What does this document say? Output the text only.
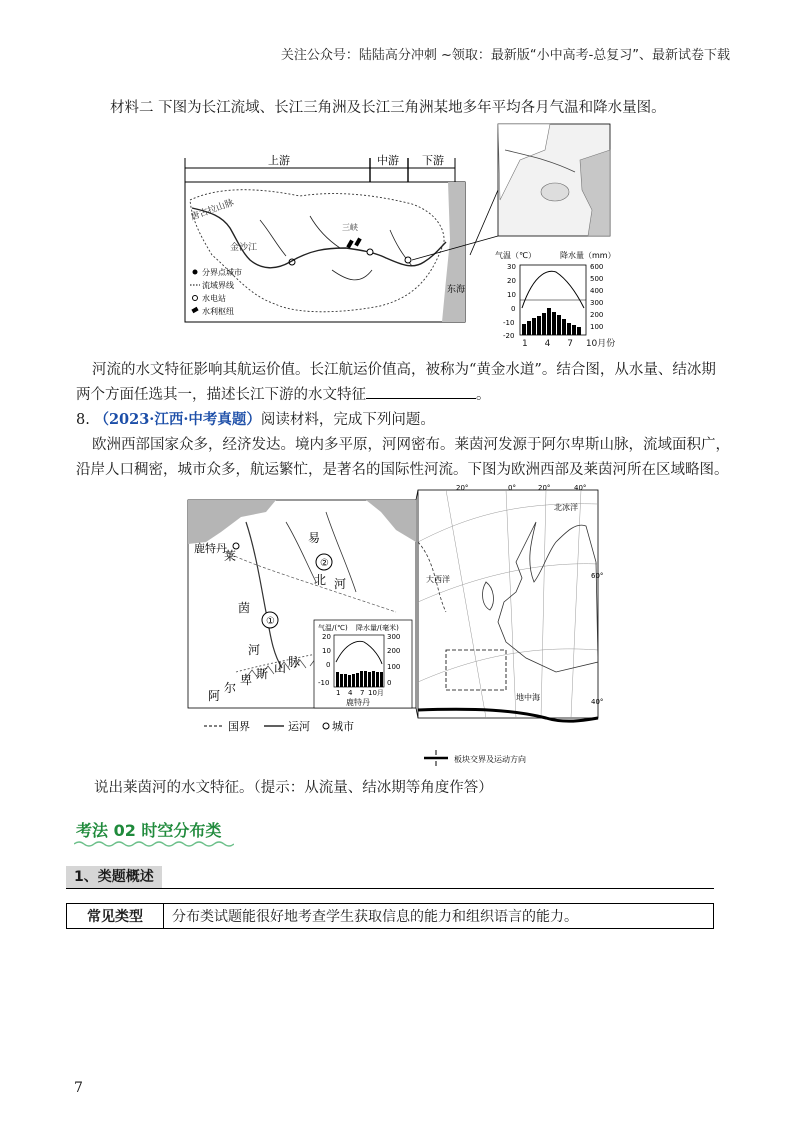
关注公众号：陆陆高分冲刺 ~领取：最新版“小中高考-总复习”、最新试卷下载
材料二 下图为长江流域、长江三角洲及长江三角洲某地多年平均各月气温和降水量图。
上游	中游 下游
东海
唐古拉山脉
金沙江
三峡
分界点城市
流域界线
水电站
水利枢纽
气温（℃）	降水量（mm）
30
20
10
0
-10
-20
600
500
400
300
200
100
1 4 7 10月份
河流的水文特征影响其航运价值。长江航运价值高，被称为“黄金水道”。结合图，从水量、结冰期
两个方面任选其一，描述长江下游的水文特征	。
8. （2023·江西·中考真题）阅读材料，完成下列问题。
欧洲西部国家众多，经济发达。境内多平原，河网密布。莱茵河发源于阿尔卑斯山脉，流域面积广，
沿岸人口稠密，城市众多，航运繁忙，是著名的国际性河流。下图为欧洲西部及莱茵河所在区域略图。
①
②
鹿特丹
莱
易
北 河
茵
河
阿
尔
卑 斯 山 脉
气温/(℃) 降水量/(毫米)
20
10
0
-10
300
200
100
0
1 4 7 10月
鹿特丹
国界	运河 城市
20°	0°	20°	40°
北冰洋
大西洋
地中海
60°
40°
板块交界及运动方向
说出莱茵河的水文特征。（提示：从流量、结冰期等角度作答）
考法 02 时空分布类
1、类题概述
常见类型	分布类试题能很好地考查学生获取信息的能力和组织语言的能力。
7
